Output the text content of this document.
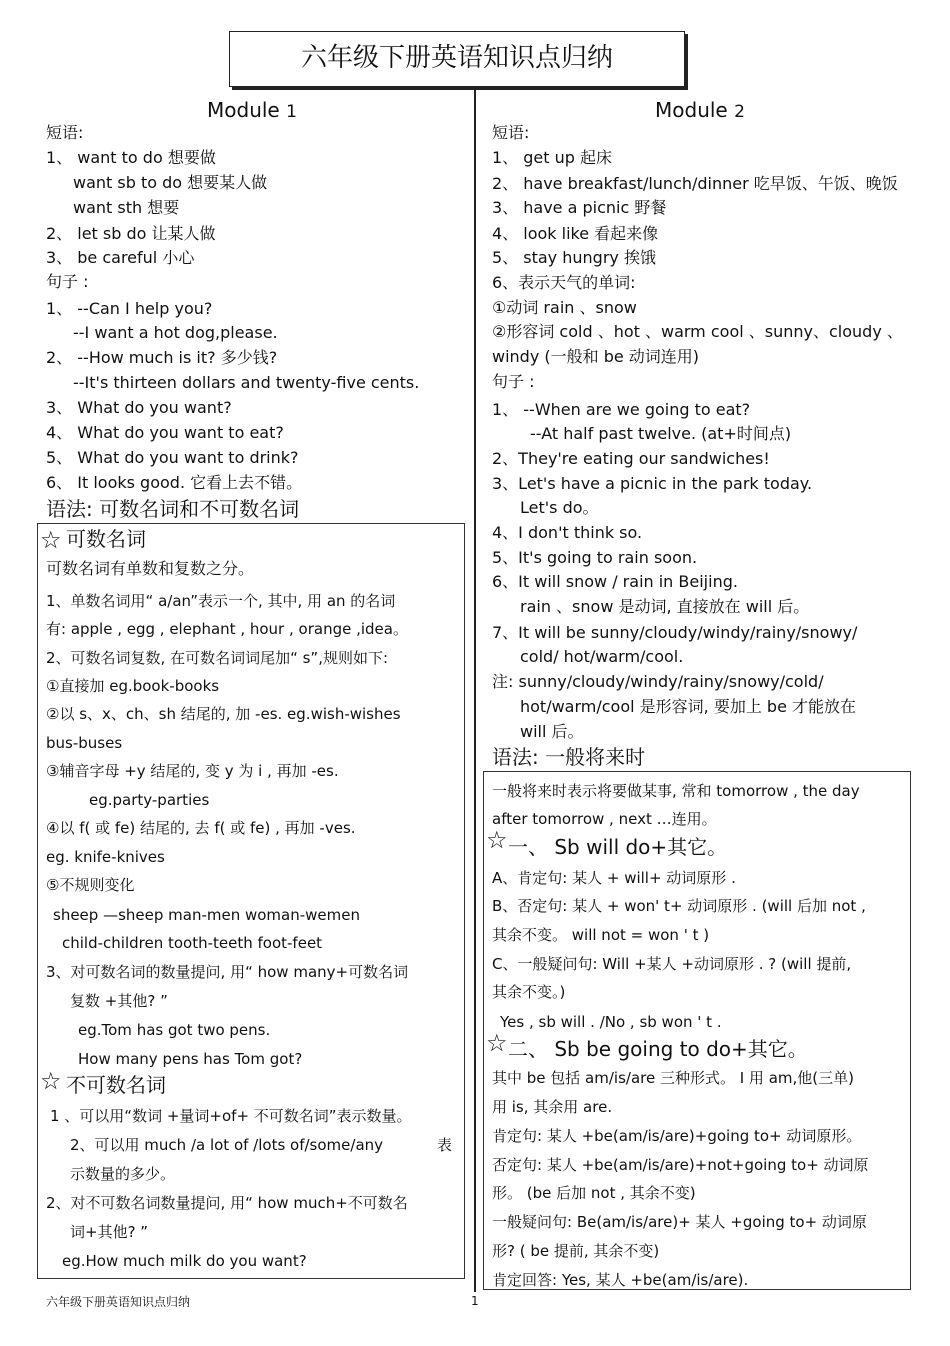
六年级下册英语知识点归纳
Module 1
短语:
1、 want to do 想要做
want sb to do 想要某人做
want sth 想要
2、 let sb do 让某人做
3、 be careful 小心
句子 :
1、 --Can I help you?
--I want a hot dog,please.
2、 --How much is it? 多少钱?
--It's thirteen dollars and twenty-five cents.
3、 What do you want?
4、 What do you want to eat?
5、 What do you want to drink?
6、 It looks good. 它看上去不错。
语法: 可数名词和不可数名词
☆ 可数名词
可数名词有单数和复数之分。
1、单数名词用“ a/an”表示一个, 其中, 用 an 的名词
有: apple , egg , elephant , hour , orange ,idea。
2、可数名词复数, 在可数名词词尾加“ s”,规则如下:
①直接加 eg.book-books
②以 s、x、ch、sh 结尾的, 加 -es. eg.wish-wishes
bus-buses
③辅音字母 +y 结尾的, 变 y 为 i , 再加 -es.
eg.party-parties
④以 f( 或 fe) 结尾的, 去 f( 或 fe) , 再加 -ves.
eg. knife-knives
⑤不规则变化
sheep —sheep man-men woman-wemen
child-children tooth-teeth foot-feet
3、对可数名词的数量提问, 用“ how many+可数名词
复数 +其他? ”
eg.Tom has got two pens.
How many pens has Tom got?
☆ 不可数名词
1 、可以用“数词 +量词+of+ 不可数名词”表示数量。
2、可以用 much /a lot of /lots of/some/any	表
示数量的多少。
2、对不可数名词数量提问, 用“ how much+不可数名
词+其他? ”
eg.How much milk do you want?
Module 2
短语:
1、 get up 起床
2、 have breakfast/lunch/dinner 吃早饭、午饭、晚饭
3、 have a picnic 野餐
4、 look like 看起来像
5、 stay hungry 挨饿
6、表示天气的单词:
①动词 rain 、snow
②形容词 cold 、hot 、warm cool 、sunny、cloudy 、
windy (一般和 be 动词连用)
句子 :
1、 --When are we going to eat?
--At half past twelve. (at+时间点)
2、They're eating our sandwiches!
3、Let's have a picnic in the park today.
Let's do。
4、I don't think so.
5、It's going to rain soon.
6、It will snow / rain in Beijing.
rain 、snow 是动词, 直接放在 will 后。
7、It will be sunny/cloudy/windy/rainy/snowy/
cold/ hot/warm/cool.
注: sunny/cloudy/windy/rainy/snowy/cold/
hot/warm/cool 是形容词, 要加上 be 才能放在
will 后。
语法: 一般将来时
一般将来时表示将要做某事, 常和 tomorrow , the day
after tomorrow , next …连用。
☆ 一、 Sb will do+其它。
A、肯定句: 某人 + will+ 动词原形 .
B、否定句: 某人 + won' t+ 动词原形 . (will 后加 not ,
其余不变。 will not = won ' t )
C、一般疑问句: Will +某人 +动词原形 . ? (will 提前,
其余不变。)
Yes , sb will . /No , sb won ' t .
☆ 二、 Sb be going to do+其它。
其中 be 包括 am/is/are 三种形式。 I 用 am,他(三单)
用 is, 其余用 are.
肯定句: 某人 +be(am/is/are)+going to+ 动词原形。
否定句: 某人 +be(am/is/are)+not+going to+ 动词原
形。 (be 后加 not , 其余不变)
一般疑问句: Be(am/is/are)+ 某人 +going to+ 动词原
形? ( be 提前, 其余不变)
肯定回答: Yes, 某人 +be(am/is/are).
六年级下册英语知识点归纳	1
